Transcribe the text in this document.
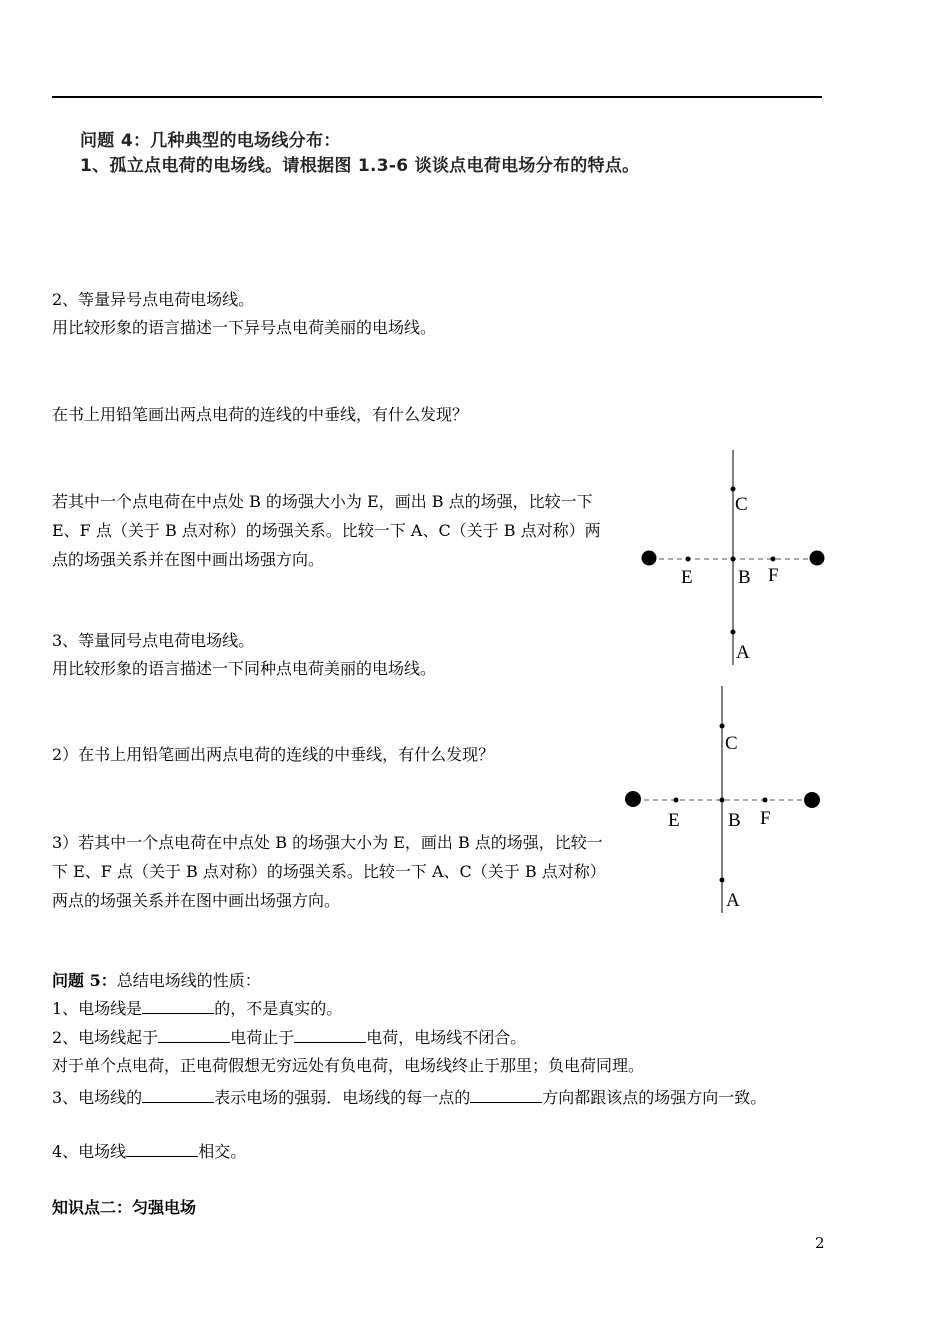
问题 4：几种典型的电场线分布：
1、孤立点电荷的电场线。请根据图 1.3-6 谈谈点电荷电场分布的特点。
2、等量异号点电荷电场线。
用比较形象的语言描述一下异号点电荷美丽的电场线。
在书上用铅笔画出两点电荷的连线的中垂线，有什么发现？
若其中一个点电荷在中点处 B 的场强大小为 E，画出 B 点的场强，比较一下 E、F 点（关于 B 点对称）的场强关系。比较一下 A、C（关于 B 点对称）两点的场强关系并在图中画出场强方向。
C
E B F
A
3、等量同号点电荷电场线。
用比较形象的语言描述一下同种点电荷美丽的电场线。
2）在书上用铅笔画出两点电荷的连线的中垂线，有什么发现？
3）若其中一个点电荷在中点处 B 的场强大小为 E，画出 B 点的场强，比较一下 E、F 点（关于 B 点对称）的场强关系。比较一下 A、C（关于 B 点对称）两点的场强关系并在图中画出场强方向。
C
E	B F
A
问题 5：总结电场线的性质：
1、电场线是	的，不是真实的。
2、电场线起于	电荷止于	电荷，电场线不闭合。
对于单个点电荷，正电荷假想无穷远处有负电荷，电场线终止于那里；负电荷同理。
3、电场线的	表示电场的强弱．电场线的每一点的	方向都跟该点的场强方向一致。
4、电场线	相交。
知识点二：匀强电场
2
